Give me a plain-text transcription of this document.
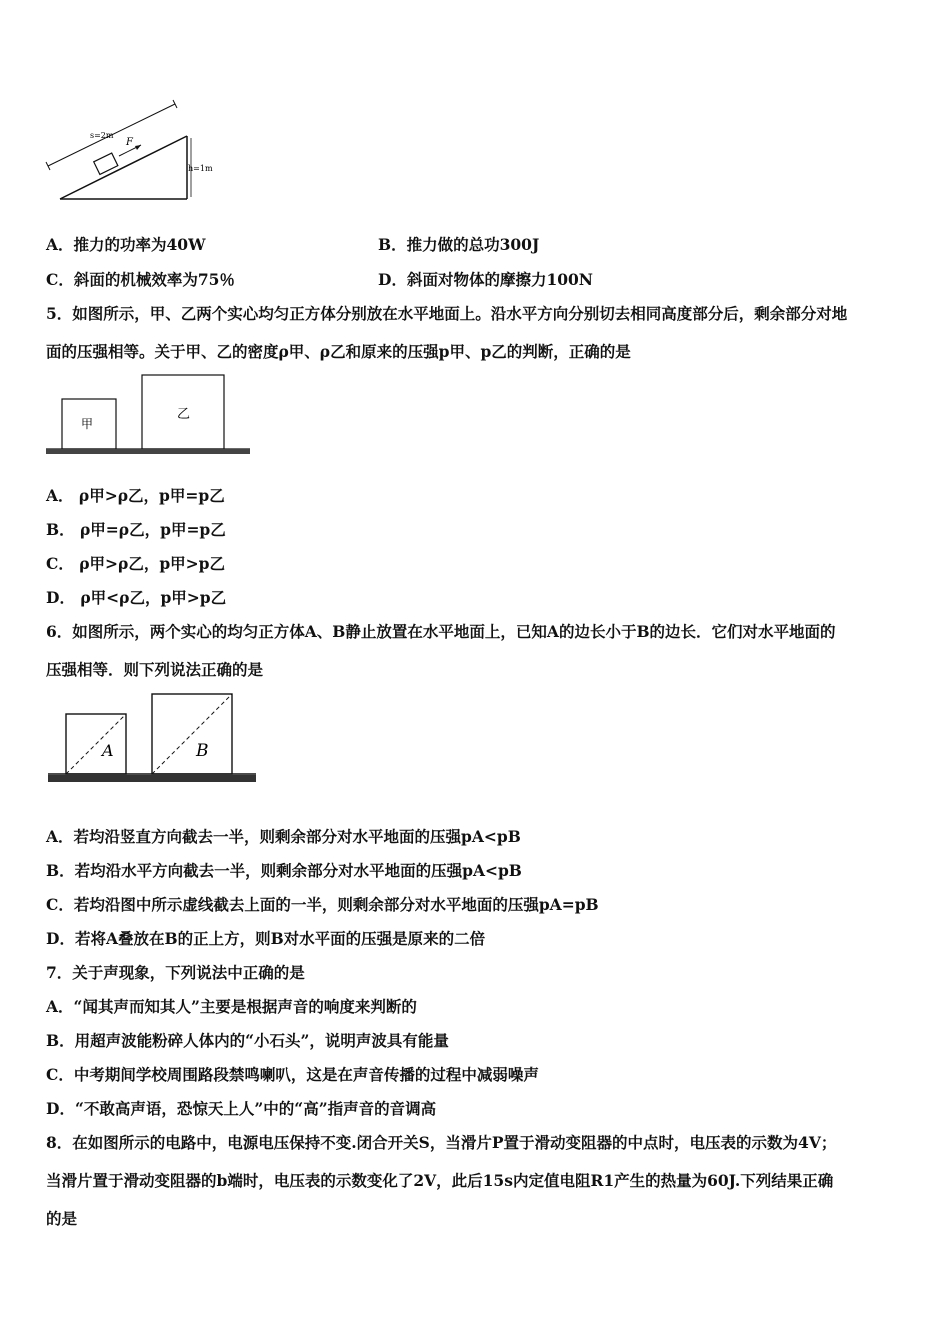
s=2m
F
h=1m
A．推力的功率为40W	B．推力做的总功300J
C．斜面的机械效率为75％	D．斜面对物体的摩擦力100N
5．如图所示，甲、乙两个实心均匀正方体分别放在水平地面上。沿水平方向分别切去相同高度部分后，剩余部分对地
面的压强相等。关于甲、乙的密度ρ甲、ρ乙和原来的压强p甲、p乙的判断，正确的是
甲
乙
A． ρ甲>ρ乙，p甲=p乙
B． ρ甲=ρ乙，p甲=p乙
C． ρ甲>ρ乙，p甲>p乙
D． ρ甲<ρ乙，p甲>p乙
6．如图所示，两个实心的均匀正方体A、B静止放置在水平地面上，已知A的边长小于B的边长．它们对水平地面的
压强相等．则下列说法正确的是
A	B
A．若均沿竖直方向截去一半，则剩余部分对水平地面的压强pA<pB
B．若均沿水平方向截去一半，则剩余部分对水平地面的压强pA<pB
C．若均沿图中所示虚线截去上面的一半，则剩余部分对水平地面的压强pA=pB
D．若将A叠放在B的正上方，则B对水平面的压强是原来的二倍
7．关于声现象，下列说法中正确的是
A．“闻其声而知其人”主要是根据声音的响度来判断的
B．用超声波能粉碎人体内的“小石头”，说明声波具有能量
C．中考期间学校周围路段禁鸣喇叭，这是在声音传播的过程中减弱噪声
D．“不敢高声语，恐惊天上人”中的“高”指声音的音调高
8．在如图所示的电路中，电源电压保持不变.闭合开关S，当滑片P置于滑动变阻器的中点时，电压表的示数为4V；
当滑片置于滑动变阻器的b端时，电压表的示数变化了2V，此后15s内定值电阻R1产生的热量为60J.下列结果正确
的是
